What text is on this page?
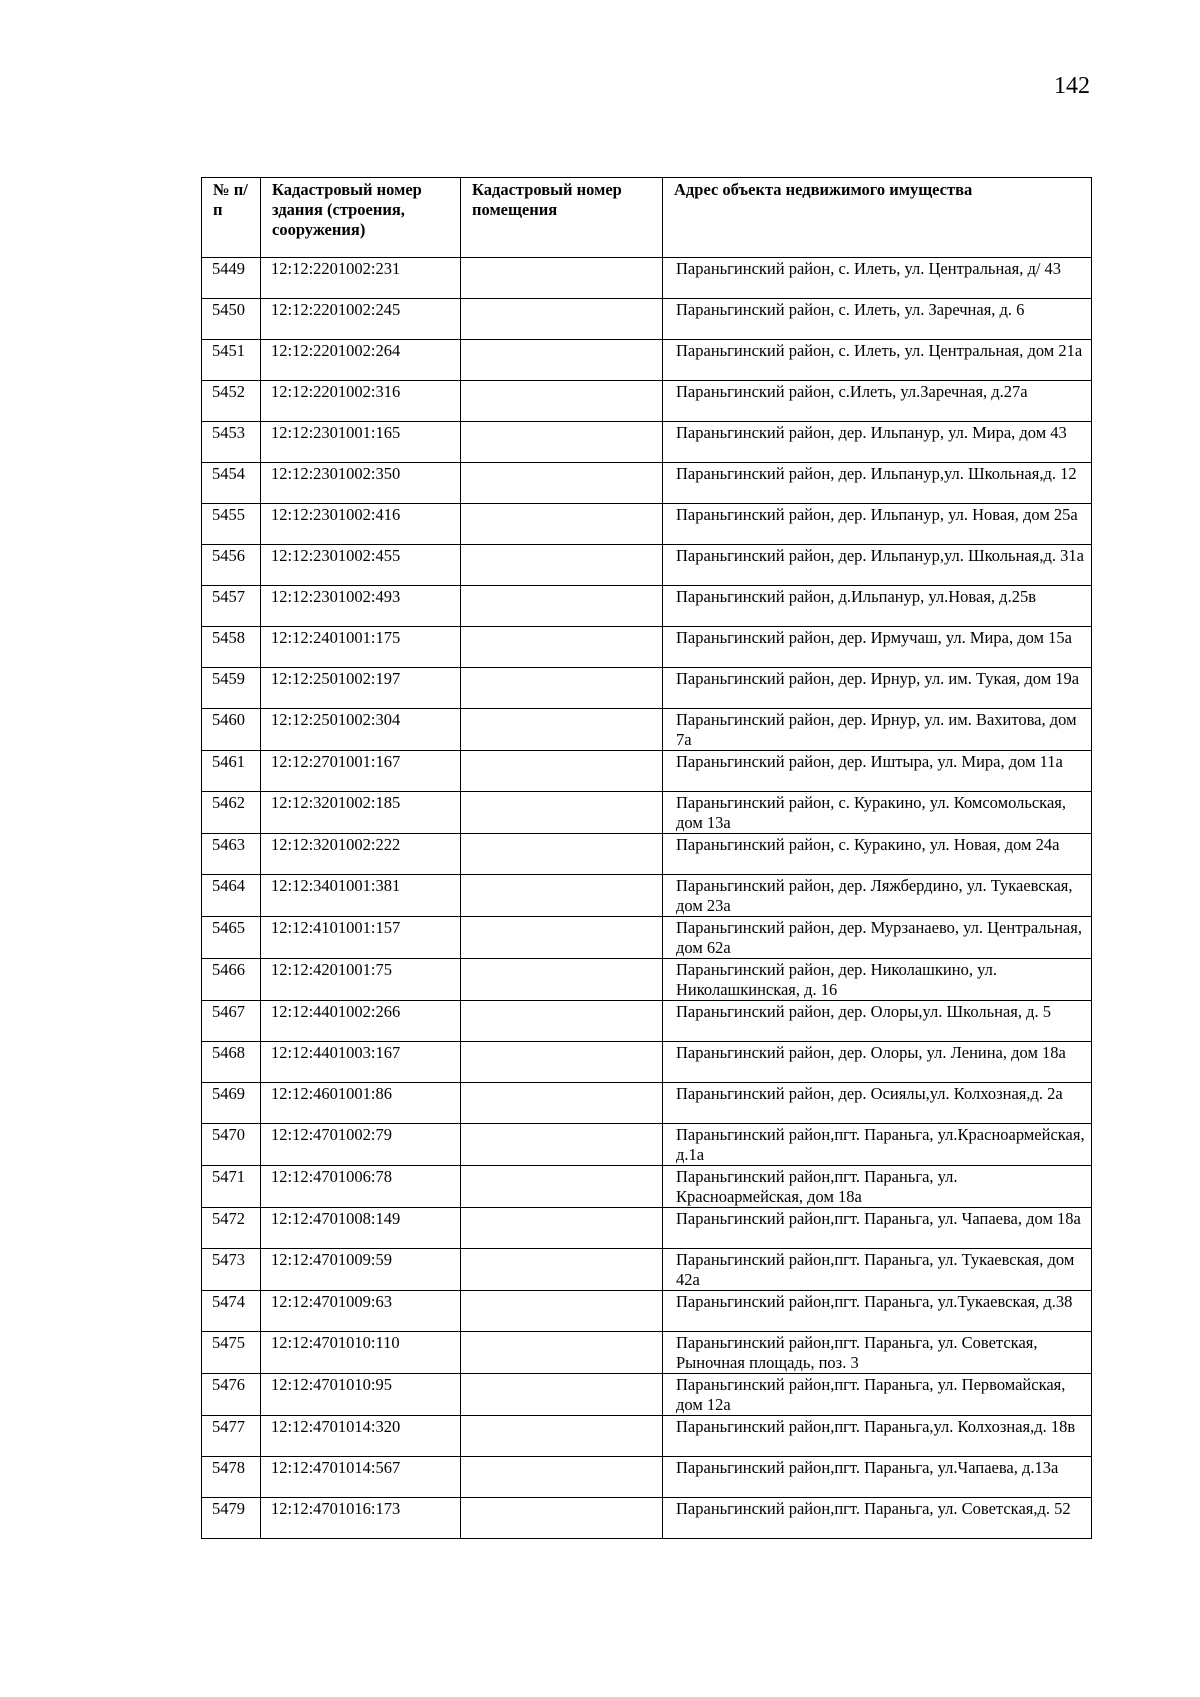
142
№ п/п	Кадастровый номер здания (строения, сооружения)	Кадастровый номер помещения	Адрес объекта недвижимого имущества
5449	12:12:2201002:231		Параньгинский район, с. Илеть, ул. Центральная, д/ 43
5450	12:12:2201002:245		Параньгинский район, с. Илеть, ул. Заречная, д. 6
5451	12:12:2201002:264		Параньгинский район, с. Илеть, ул. Центральная, дом 21а
5452	12:12:2201002:316		Параньгинский район, с.Илеть, ул.Заречная, д.27а
5453	12:12:2301001:165		Параньгинский район, дер. Ильпанур, ул. Мира, дом 43
5454	12:12:2301002:350		Параньгинский район, дер. Ильпанур,ул. Школьная,д. 12
5455	12:12:2301002:416		Параньгинский район, дер. Ильпанур, ул. Новая, дом 25а
5456	12:12:2301002:455		Параньгинский район, дер. Ильпанур,ул. Школьная,д. 31а
5457	12:12:2301002:493		Параньгинский район, д.Ильпанур, ул.Новая, д.25в
5458	12:12:2401001:175		Параньгинский район, дер. Ирмучаш, ул. Мира, дом 15а
5459	12:12:2501002:197		Параньгинский район, дер. Ирнур, ул. им. Тукая, дом 19а
5460	12:12:2501002:304		Параньгинский район, дер. Ирнур, ул. им. Вахитова, дом 7а
5461	12:12:2701001:167		Параньгинский район, дер. Иштыра, ул. Мира, дом 11а
5462	12:12:3201002:185		Параньгинский район, с. Куракино, ул. Комсомольская, дом 13а
5463	12:12:3201002:222		Параньгинский район, с. Куракино, ул. Новая, дом 24а
5464	12:12:3401001:381		Параньгинский район, дер. Ляжбердино, ул. Тукаевская, дом 23а
5465	12:12:4101001:157		Параньгинский район, дер. Мурзанаево, ул. Центральная, дом 62а
5466	12:12:4201001:75		Параньгинский район, дер. Николашкино, ул. Николашкинская, д. 16
5467	12:12:4401002:266		Параньгинский район, дер. Олоры,ул. Школьная, д. 5
5468	12:12:4401003:167		Параньгинский район, дер. Олоры, ул. Ленина, дом 18а
5469	12:12:4601001:86		Параньгинский район, дер. Осиялы,ул. Колхозная,д. 2а
5470	12:12:4701002:79		Параньгинский район,пгт. Параньга, ул.Красноармейская, д.1а
5471	12:12:4701006:78		Параньгинский район,пгт. Параньга, ул. Красноармейская, дом 18а
5472	12:12:4701008:149		Параньгинский район,пгт. Параньга, ул. Чапаева, дом 18а
5473	12:12:4701009:59		Параньгинский район,пгт. Параньга, ул. Тукаевская, дом 42а
5474	12:12:4701009:63		Параньгинский район,пгт. Параньга, ул.Тукаевская, д.38
5475	12:12:4701010:110		Параньгинский район,пгт. Параньга, ул. Советская, Рыночная площадь, поз. 3
5476	12:12:4701010:95		Параньгинский район,пгт. Параньга, ул. Первомайская, дом 12а
5477	12:12:4701014:320		Параньгинский район,пгт. Параньга,ул. Колхозная,д. 18в
5478	12:12:4701014:567		Параньгинский район,пгт. Параньга, ул.Чапаева, д.13а
5479	12:12:4701016:173		Параньгинский район,пгт. Параньга, ул. Советская,д. 52
